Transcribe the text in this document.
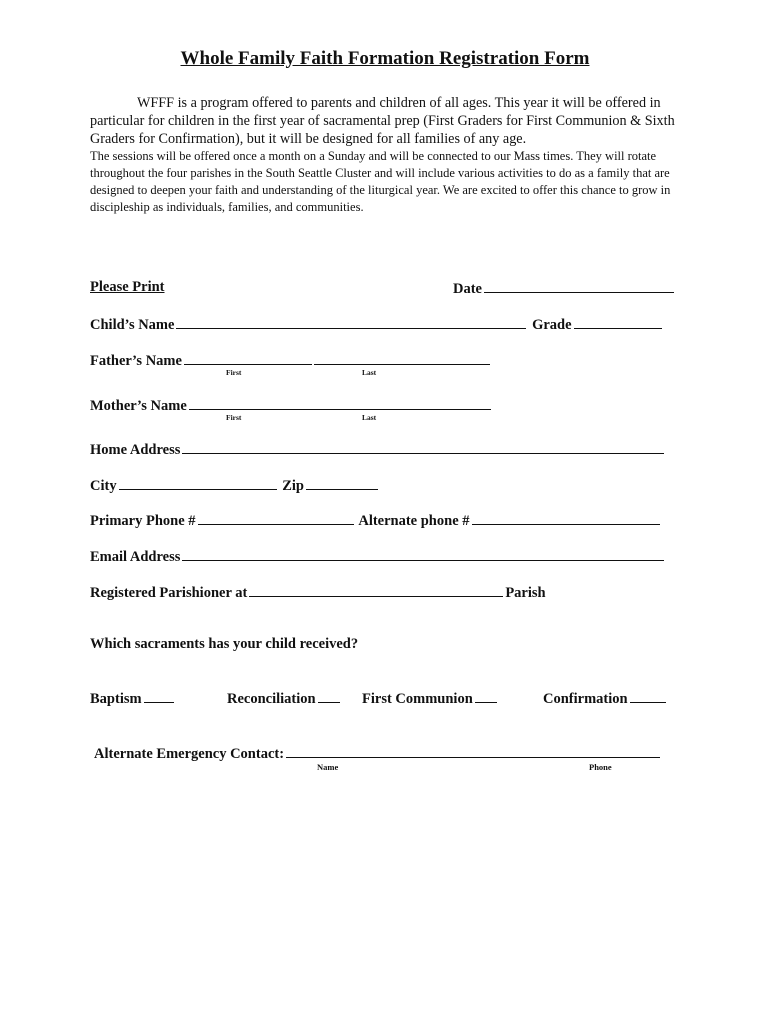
Whole Family Faith Formation Registration Form

WFFF is a program offered to parents and children of all ages. This year it will be offered in particular for children in the first year of sacramental prep (First Graders for First Communion & Sixth Graders for Confirmation), but it will be designed for all families of any age.

The sessions will be offered once a month on a Sunday and will be connected to our Mass times. They will rotate throughout the four parishes in the South Seattle Cluster and will include various activities to do as a family that are designed to deepen your faith and understanding of the liturgical year. We are excited to offer this chance to grow in discipleship as individuals, families, and communities.

Please Print	Date
Child’s Name	Grade
Father’s Name
First	Last
Mother’s Name
First	Last
Home Address
City	Zip
Primary Phone #	Alternate phone #
Email Address
Registered Parishioner at	Parish
Which sacraments has your child received?
Baptism	Reconciliation	First Communion	Confirmation
Alternate Emergency Contact:
Name	Phone
